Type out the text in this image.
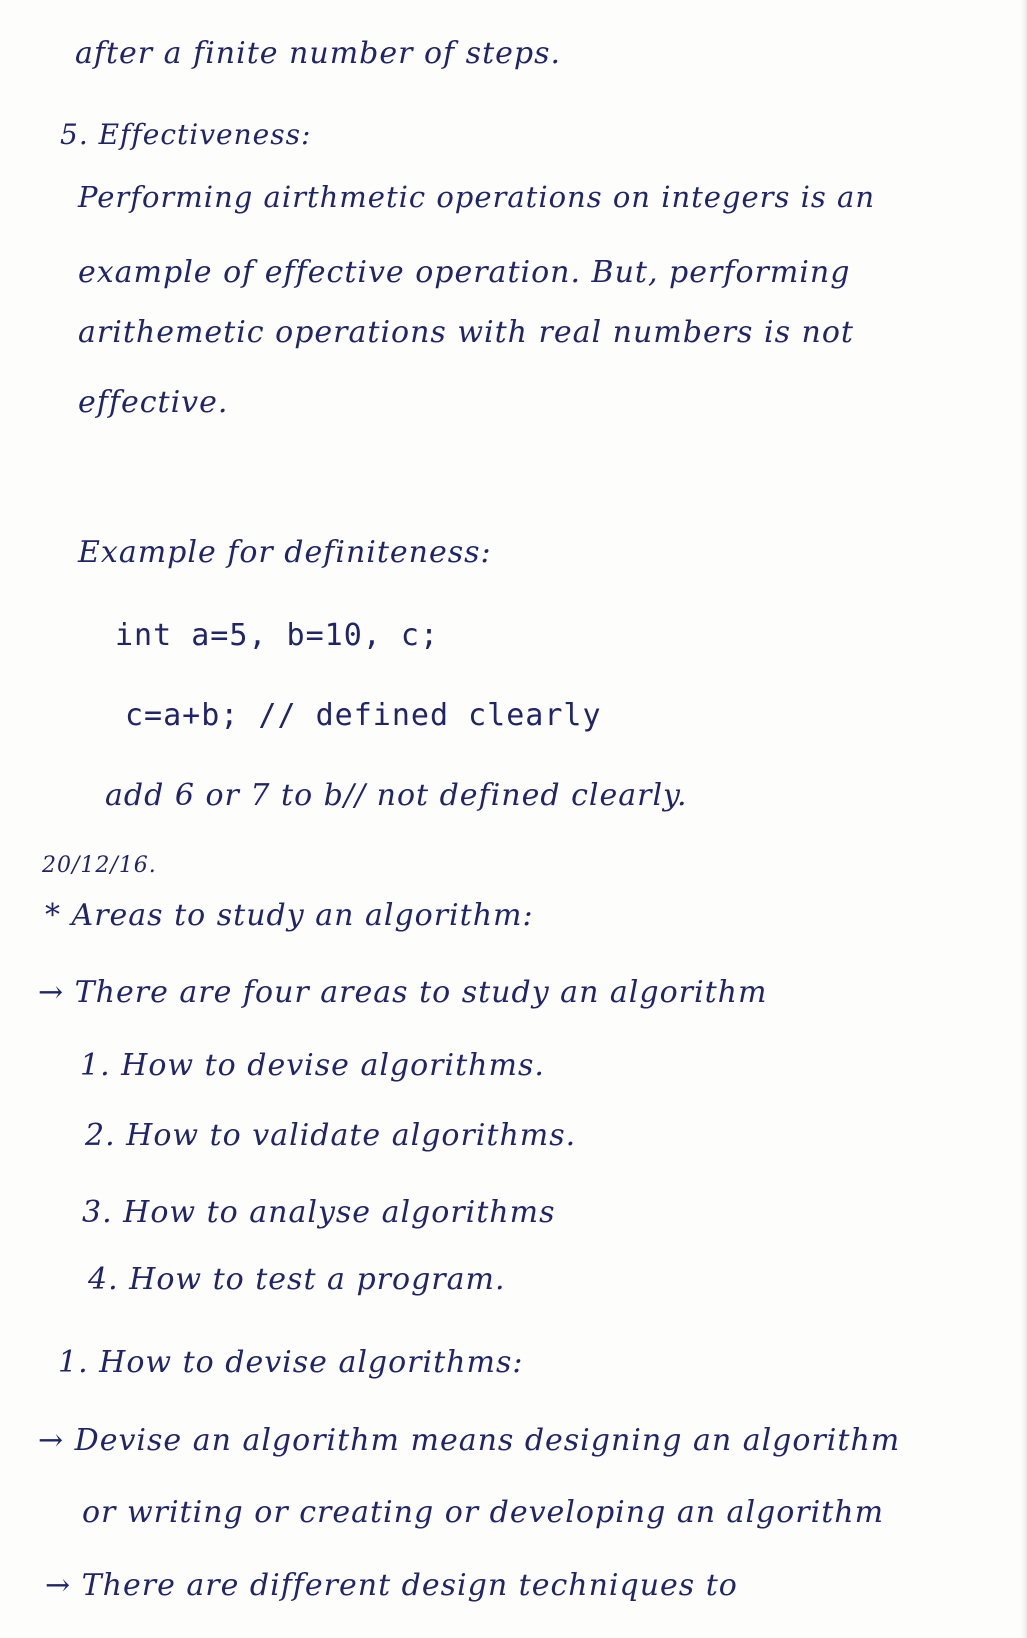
after a finite number of steps.
5. Effectiveness:
Performing airthmetic operations on integers is an
example of effective operation. But, performing
arithemetic operations with real numbers is not
effective.
Example for definiteness:
int a=5, b=10, c;
c=a+b; // defined clearly
add 6 or 7 to b// not defined clearly.
20/12/16.
* Areas to study an algorithm:
→ There are four areas to study an algorithm
1. How to devise algorithms.
2. How to validate algorithms.
3. How to analyse algorithms
4. How to test a program.
1. How to devise algorithms:
→ Devise an algorithm means designing an algorithm
or writing or creating or developing an algorithm
→ There are different design techniques to
